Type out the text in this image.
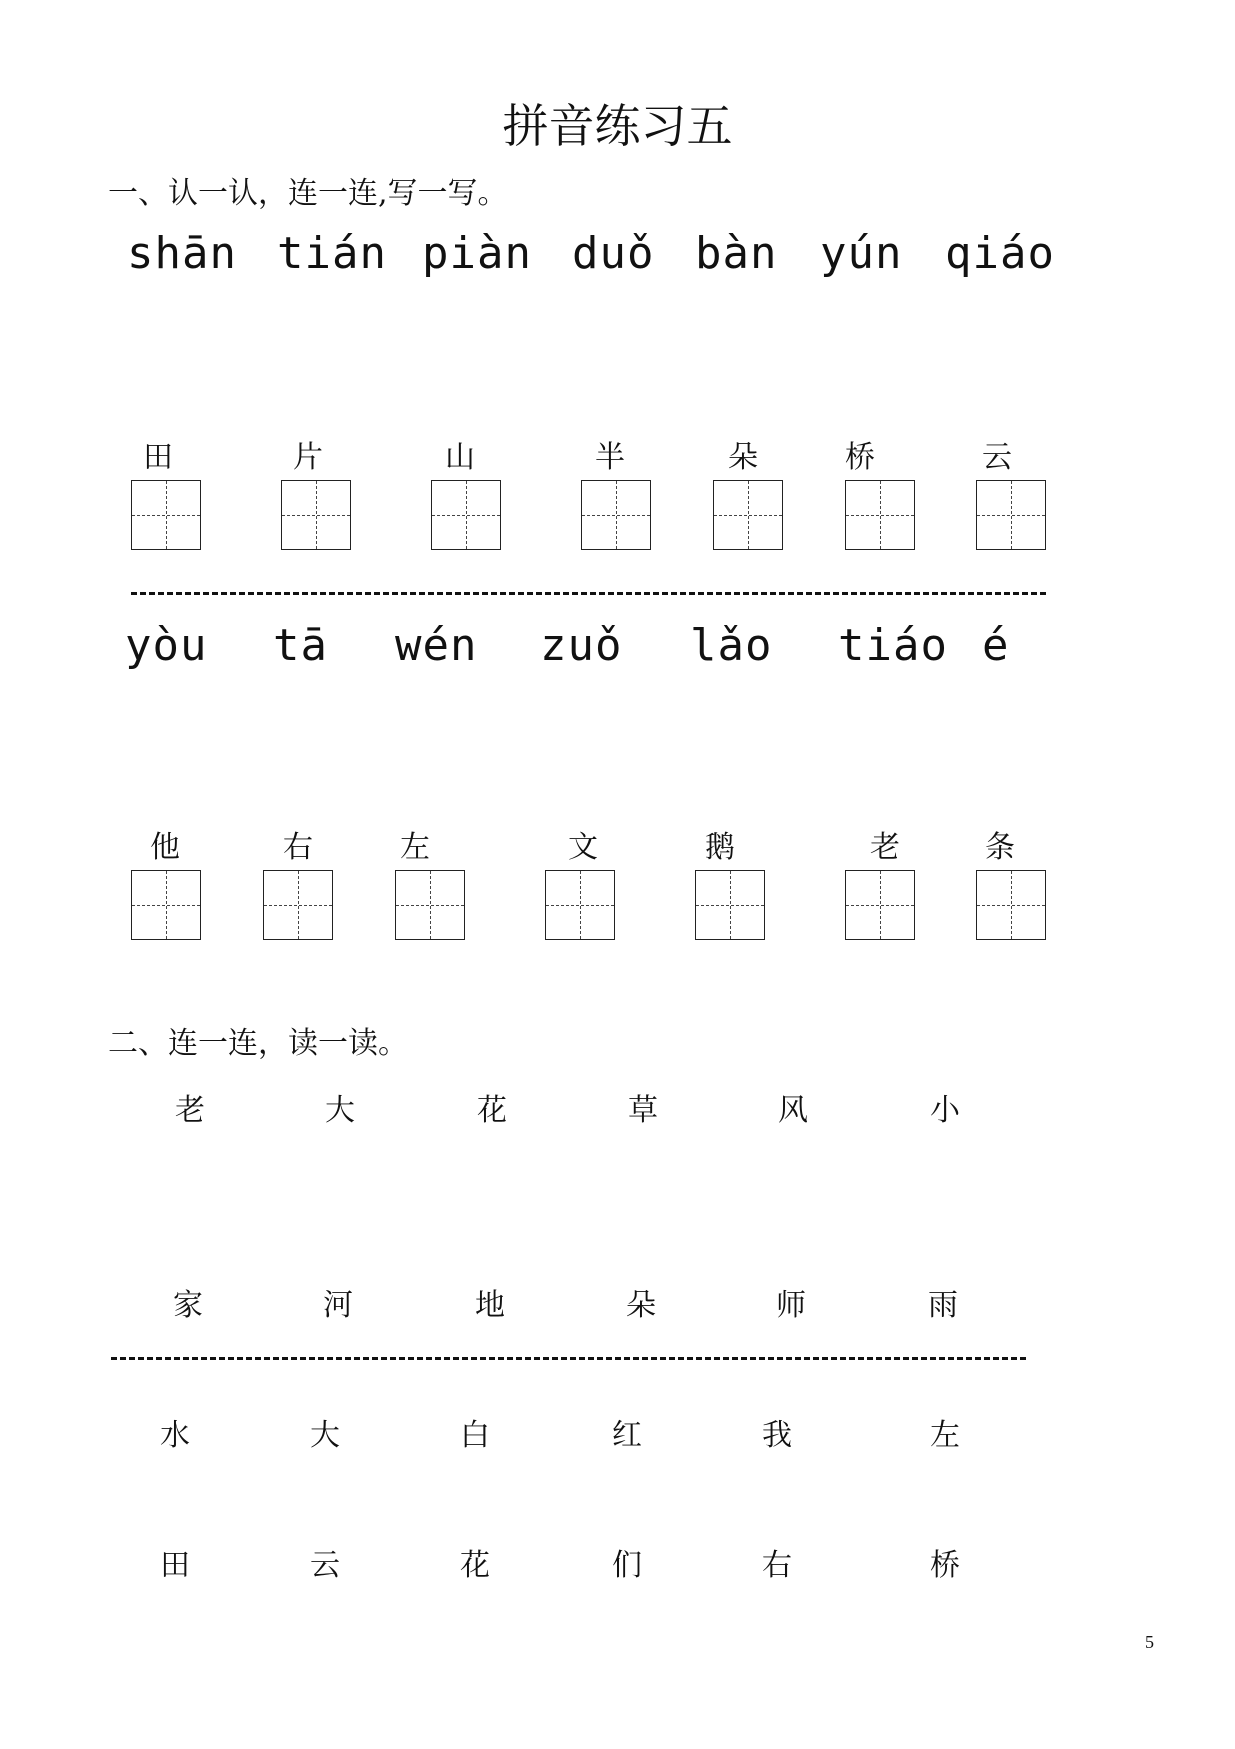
拼音练习五
一、认一认，连一连,写一写。
shān tián piàn duǒ bàn yún qiáo
田	片	山	半	朵	桥	云
yòu tā wén zuǒ lǎo tiáo é
他	右	左	文	鹅	老	条
二、连一连，读一读。
老	大	花	草	风	小
家	河	地	朵	师	雨
水	大	白	红	我	左
田	云	花	们	右	桥
5
